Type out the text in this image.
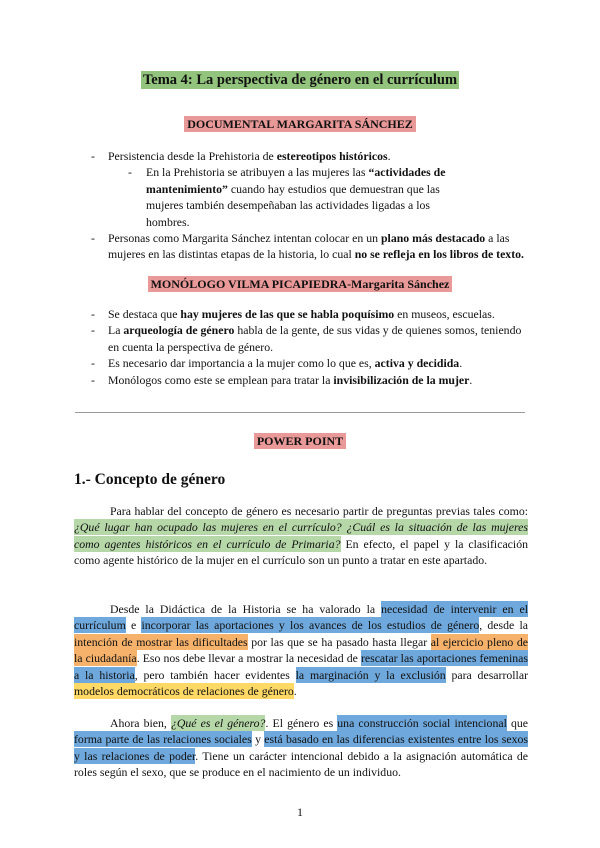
Tema 4: La perspectiva de género en el currículum
DOCUMENTAL MARGARITA SÁNCHEZ
- Persistencia desde la Prehistoria de estereotipos históricos.
- En la Prehistoria se atribuyen a las mujeres las “actividades de mantenimiento” cuando hay estudios que demuestran que las mujeres también desempeñaban las actividades ligadas a los hombres.
- Personas como Margarita Sánchez intentan colocar en un plano más destacado a las mujeres en las distintas etapas de la historia, lo cual no se refleja en los libros de texto.
MONÓLOGO VILMA PICAPIEDRA-Margarita Sánchez
- Se destaca que hay mujeres de las que se habla poquísimo en museos, escuelas.
- La arqueología de género habla de la gente, de sus vidas y de quienes somos, teniendo en cuenta la perspectiva de género.
- Es necesario dar importancia a la mujer como lo que es, activa y decidida.
- Monólogos como este se emplean para tratar la invisibilización de la mujer.
POWER POINT
1.- Concepto de género

Para hablar del concepto de género es necesario partir de preguntas previas tales como: ¿Qué lugar han ocupado las mujeres en el currículo? ¿Cuál es la situación de las mujeres como agentes históricos en el currículo de Primaria? En efecto, el papel y la clasificación como agente histórico de la mujer en el currículo son un punto a tratar en este apartado.

Desde la Didáctica de la Historia se ha valorado la necesidad de intervenir en el currículum e incorporar las aportaciones y los avances de los estudios de género, desde la intención de mostrar las dificultades por las que se ha pasado hasta llegar al ejercicio pleno de la ciudadanía. Eso nos debe llevar a mostrar la necesidad de rescatar las aportaciones femeninas a la historia, pero también hacer evidentes la marginación y la exclusión para desarrollar modelos democráticos de relaciones de género.

Ahora bien, ¿Qué es el género?. El género es una construcción social intencional que forma parte de las relaciones sociales y está basado en las diferencias existentes entre los sexos y las relaciones de poder. Tiene un carácter intencional debido a la asignación automática de roles según el sexo, que se produce en el nacimiento de un individuo.

1
